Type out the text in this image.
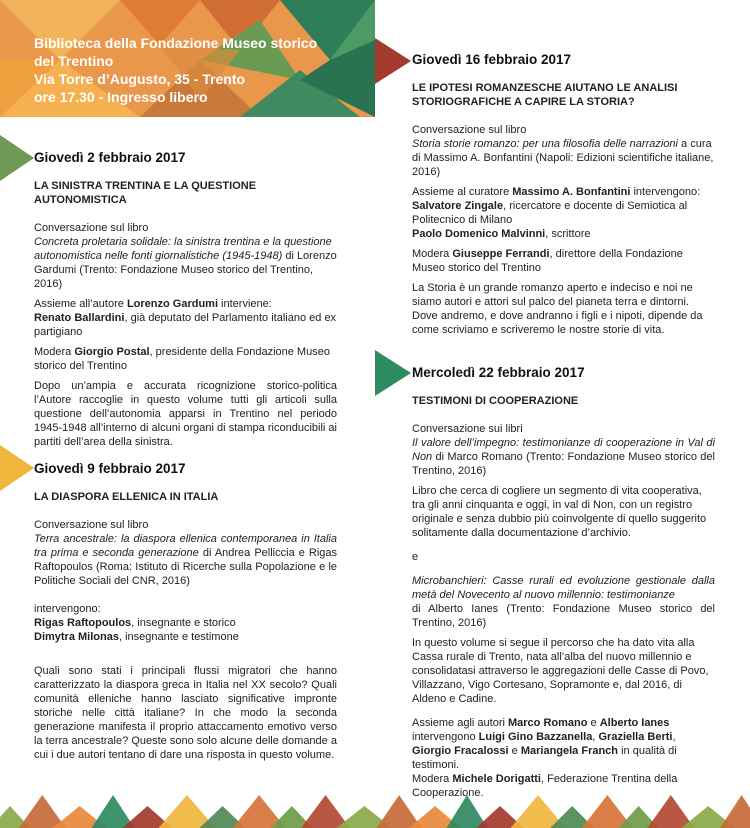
Biblioteca della Fondazione Museo storico
del Trentino
Via Torre d’Augusto, 35 - Trento
ore 17.30 - Ingresso libero

Giovedì 2 febbraio 2017

LA SINISTRA TRENTINA E LA QUESTIONE AUTONOMISTICA

Conversazione sul libro

Concreta proletaria solidale: la sinistra trentina e la questione autonomistica nelle fonti giornalistiche (1945-1948) di Lorenzo Gardumi (Trento: Fondazione Museo storico del Trentino, 2016)

Assieme all’autore Lorenzo Gardumi interviene:
Renato Ballardini, già deputato del Parlamento italiano ed ex partigiano

Modera Giorgio Postal, presidente della Fondazione Museo storico del Trentino

Dopo un’ampia e accurata ricognizione storico-politica l’Autore raccoglie in questo volume tutti gli articoli sulla questione dell’autonomia apparsi in Trentino nel periodo 1945-1948 all’interno di alcuni organi di stampa riconducibili ai partiti dell’area della sinistra.

Giovedì 9 febbraio 2017

LA DIASPORA ELLENICA IN ITALIA

Conversazione sul libro

Terra ancestrale: la diaspora ellenica contemporanea in Italia tra prima e seconda generazione di Andrea Pelliccia e Rigas Raftopoulos (Roma: Istituto di Ricerche sulla Popolazione e le Politiche Sociali del CNR, 2016)

intervengono:

Rigas Raftopoulos, insegnante e storico
Dimytra Milonas, insegnante e testimone

Quali sono stati i principali flussi migratori che hanno caratterizzato la diaspora greca in Italia nel XX secolo? Quali comunità elleniche hanno lasciato significative impronte storiche nelle città italiane? In che modo la seconda generazione manifesta il proprio attaccamento emotivo verso la terra ancestrale? Queste sono solo alcune delle domande a cui i due autori tentano di dare una risposta in questo volume.

Giovedì 16 febbraio 2017

LE IPOTESI ROMANZESCHE AIUTANO LE ANALISI STORIOGRAFICHE A CAPIRE LA STORIA?

Conversazione sul libro

Storia storie romanzo: per una filosofia delle narrazioni a cura di Massimo A. Bonfantini (Napoli: Edizioni scientifiche italiane, 2016)

Assieme al curatore Massimo A. Bonfantini intervengono:
Salvatore Zingale, ricercatore e docente di Semiotica al Politecnico di Milano
Paolo Domenico Malvinni, scrittore

Modera Giuseppe Ferrandi, direttore della Fondazione Museo storico del Trentino

La Storia è un grande romanzo aperto e indeciso e noi ne siamo autori e attori sul palco del pianeta terra e dintorni. Dove andremo, e dove andranno i figli e i nipoti, dipende da come scriviamo e scriveremo le nostre storie di vita.

Mercoledì 22 febbraio 2017

TESTIMONI DI COOPERAZIONE

Conversazione sui libri

Il valore dell’impegno: testimonianze di cooperazione in Val di Non di Marco Romano (Trento: Fondazione Museo storico del Trentino, 2016)

Libro che cerca di cogliere un segmento di vita cooperativa, tra gli anni cinquanta e oggi, in val di Non, con un registro originale e senza dubbio più coinvolgente di quello suggerito solitamente dalla documentazione d’archivio.

e

Microbanchieri: Casse rurali ed evoluzione gestionale dalla metà del Novecento al nuovo millennio: testimonianze
di Alberto Ianes (Trento: Fondazione Museo storico del Trentino, 2016)

In questo volume si segue il percorso che ha dato vita alla Cassa rurale di Trento, nata all’alba del nuovo millennio e consolidatasi attraverso le aggregazioni delle Casse di Povo, Villazzano, Vigo Cortesano, Sopramonte e, dal 2016, di Aldeno e Cadine.

Assieme agli autori Marco Romano e Alberto Ianes
intervengono Luigi Gino Bazzanella, Graziella Berti, Giorgio Fracalossi e Mariangela Franch in qualità di testimoni.
Modera Michele Dorigatti, Federazione Trentina della Cooperazione.
